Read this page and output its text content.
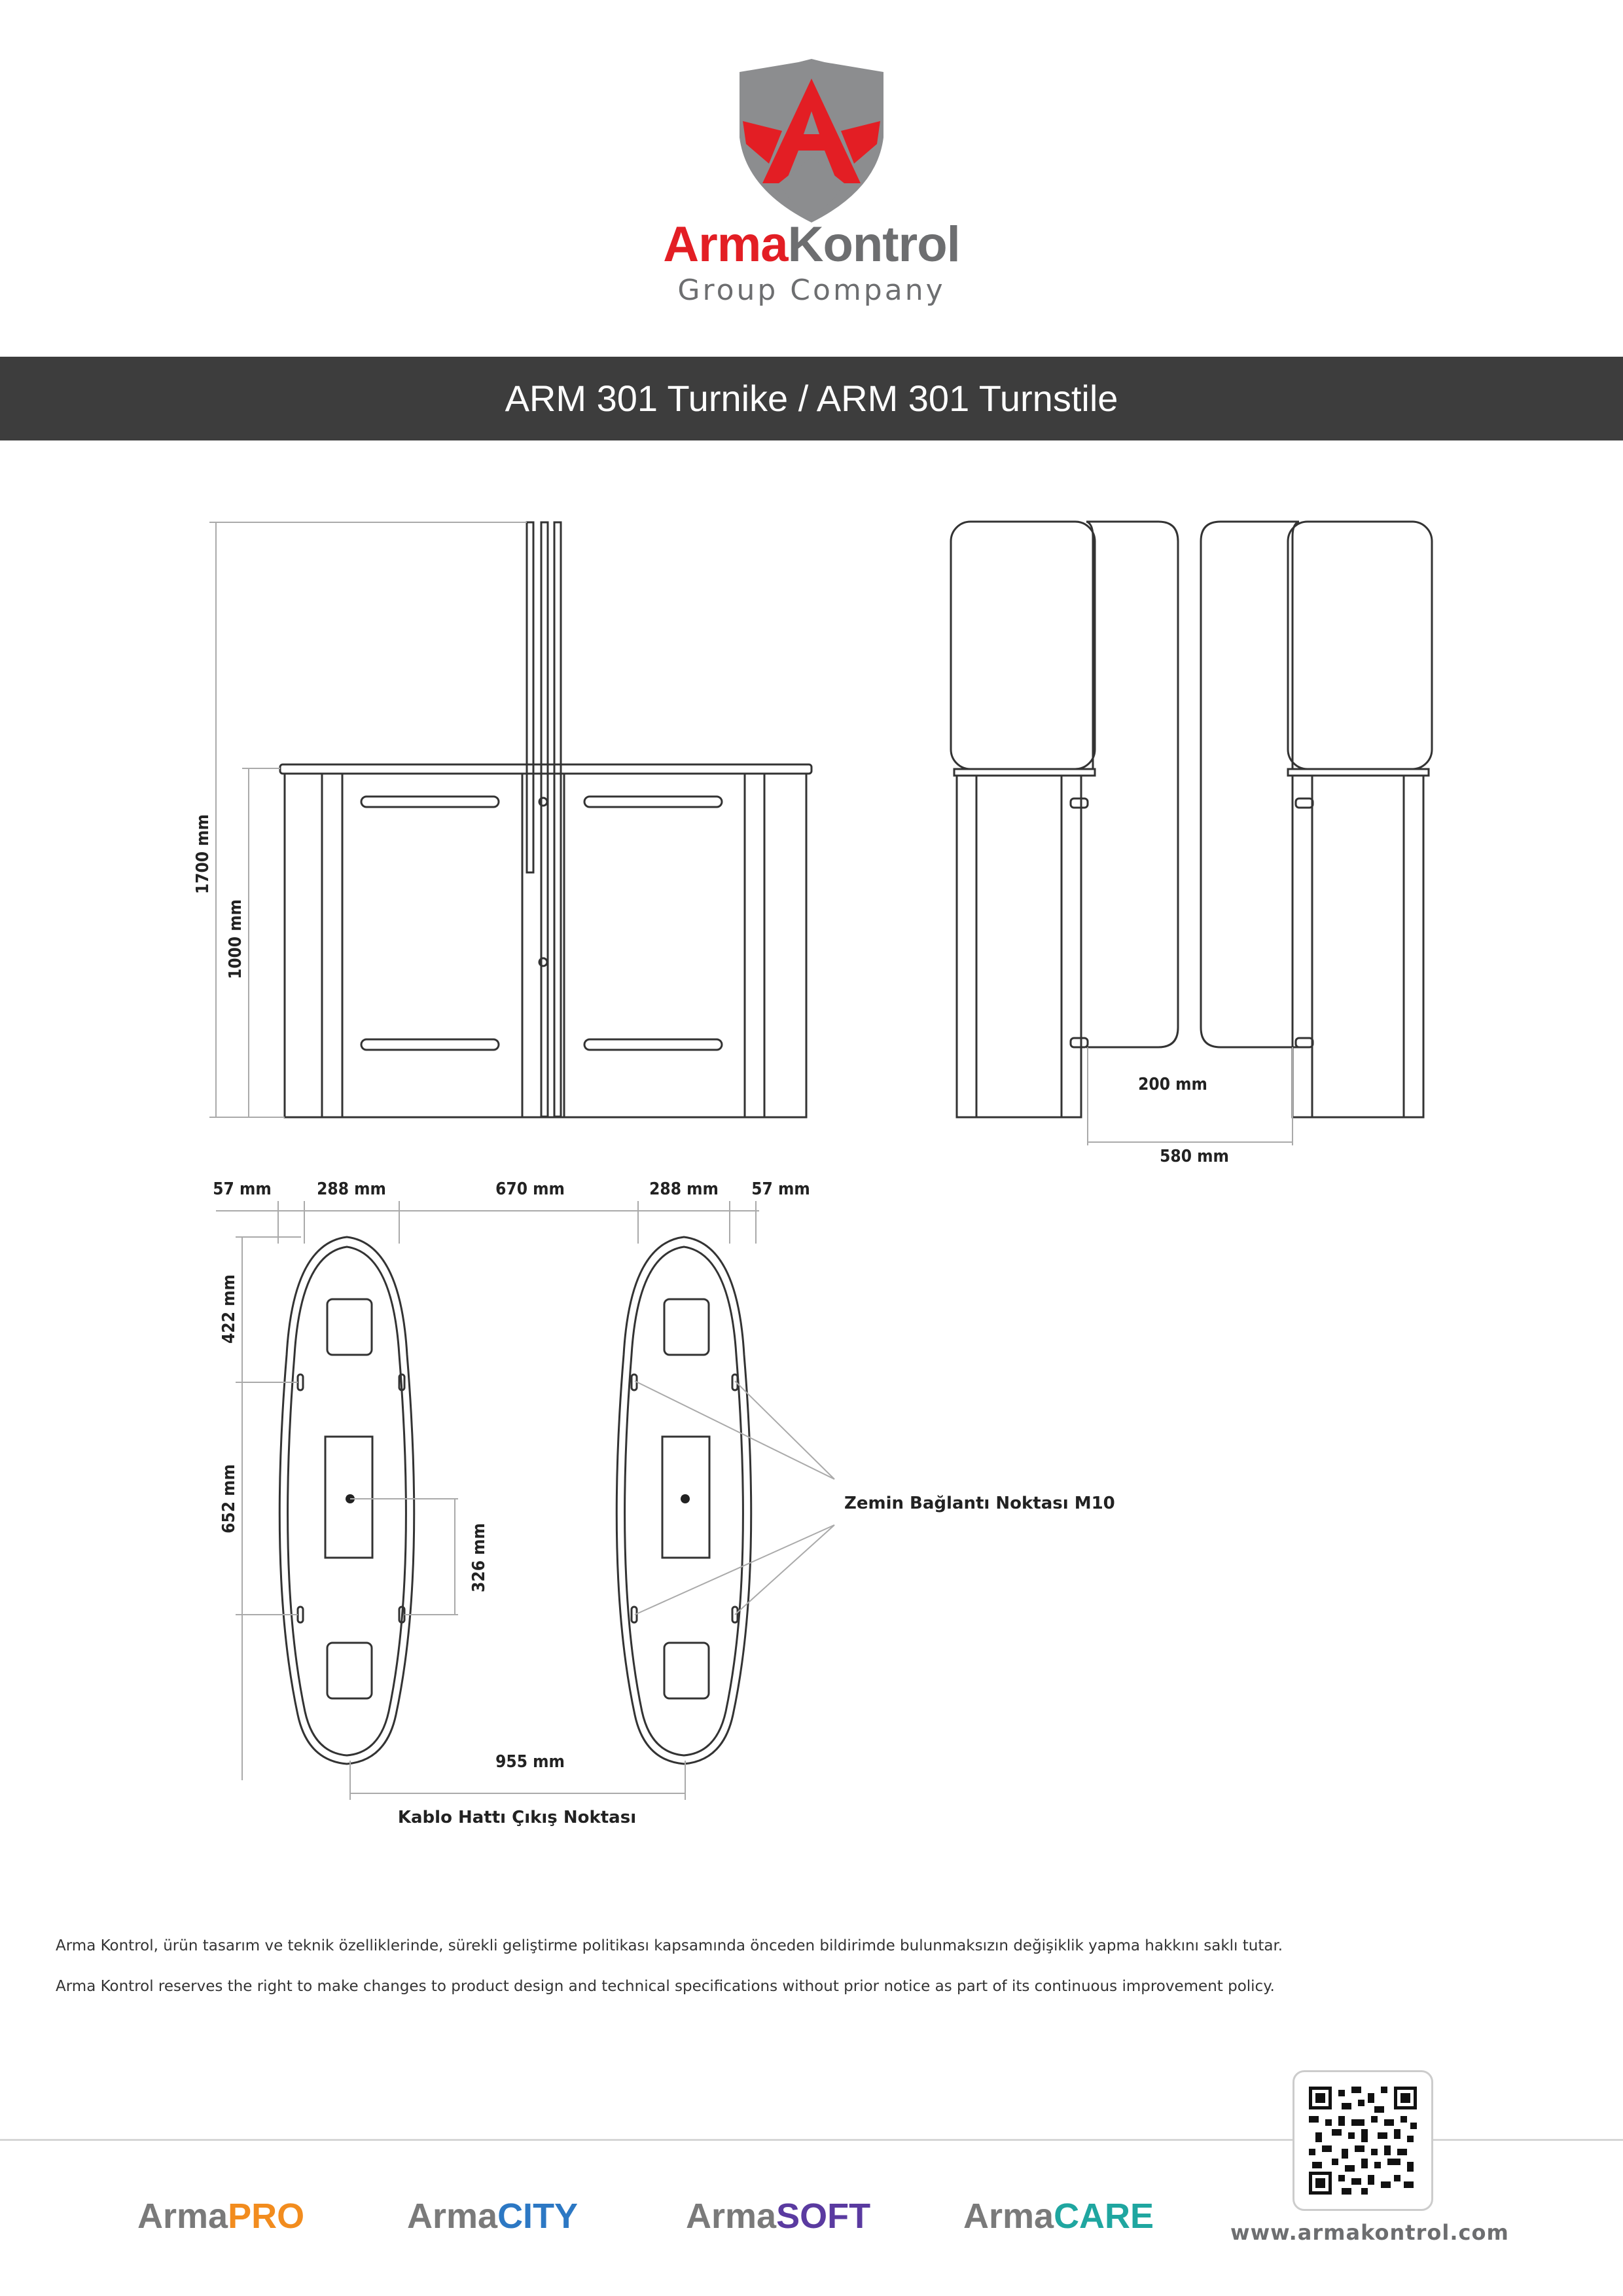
ArmaKontrol
Group Company
ARM 301 Turnike / ARM 301 Turnstile
1700 mm
1000 mm
200 mm
580 mm
57 mm	288 mm	670 mm	288 mm 57 mm
422 mm
652 mm
326 mm
955 mm
Zemin Bağlantı Noktası M10
Kablo Hattı Çıkış Noktası
Arma Kontrol, ürün tasarım ve teknik özelliklerinde, sürekli geliştirme politikası kapsamında önceden bildirimde bulunmaksızın değişiklik yapma hakkını saklı tutar.
Arma Kontrol reserves the right to make changes to product design and technical specifications without prior notice as part of its continuous improvement policy.
ArmaPRO	ArmaCITY	ArmaSOFT	ArmaCARE	www.armakontrol.com
